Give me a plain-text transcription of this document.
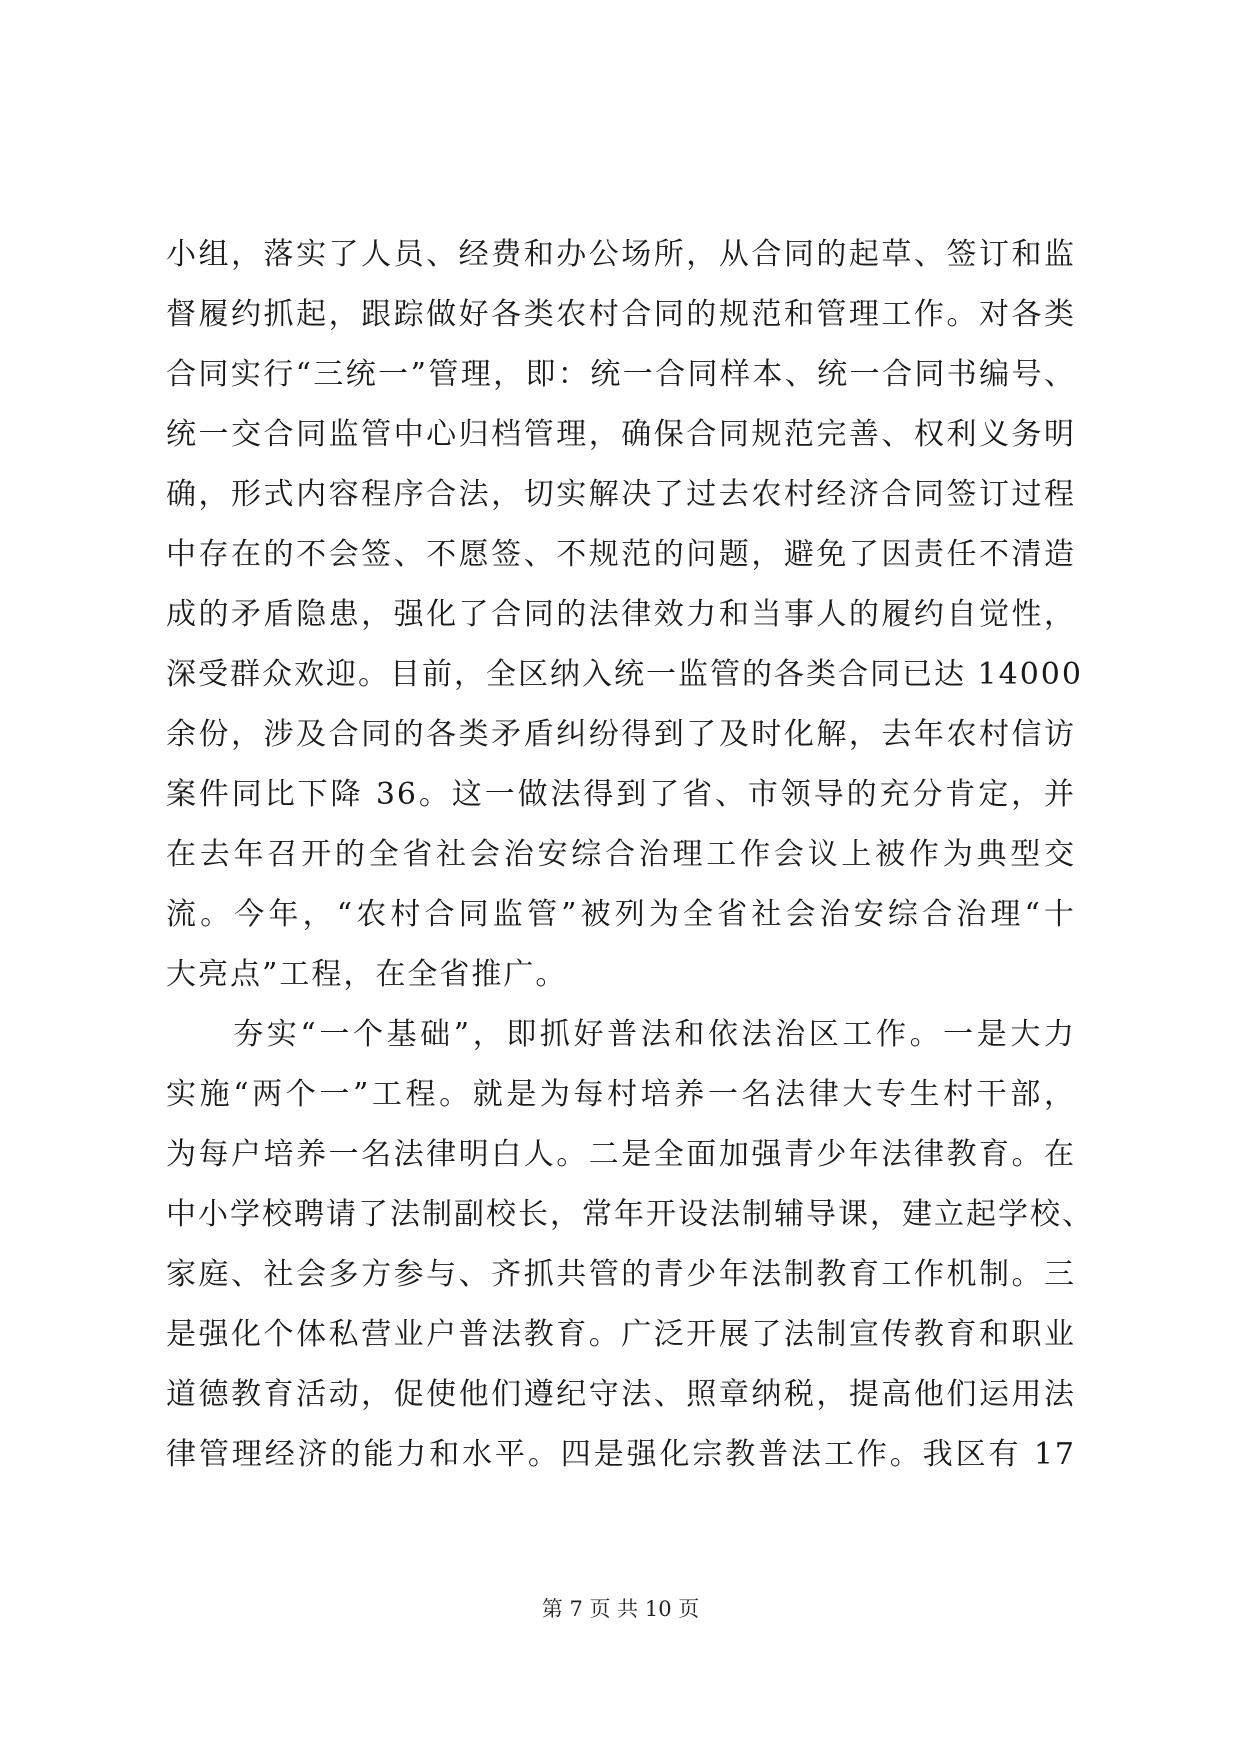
小组，落实了人员、经费和办公场所，从合同的起草、签订和监
督履约抓起，跟踪做好各类农村合同的规范和管理工作。对各类
合同实行“三统一”管理，即：统一合同样本、统一合同书编号、
统一交合同监管中心归档管理，确保合同规范完善、权利义务明
确，形式内容程序合法，切实解决了过去农村经济合同签订过程
中存在的不会签、不愿签、不规范的问题，避免了因责任不清造
成的矛盾隐患，强化了合同的法律效力和当事人的履约自觉性，
深受群众欢迎。目前，全区纳入统一监管的各类合同已达 14000
余份，涉及合同的各类矛盾纠纷得到了及时化解，去年农村信访
案件同比下降 36。这一做法得到了省、市领导的充分肯定，并
在去年召开的全省社会治安综合治理工作会议上被作为典型交
流。今年，“农村合同监管”被列为全省社会治安综合治理“十
大亮点”工程，在全省推广。
　　夯实“一个基础”，即抓好普法和依法治区工作。一是大力
实施“两个一”工程。就是为每村培养一名法律大专生村干部，
为每户培养一名法律明白人。二是全面加强青少年法律教育。在
中小学校聘请了法制副校长，常年开设法制辅导课，建立起学校、
家庭、社会多方参与、齐抓共管的青少年法制教育工作机制。三
是强化个体私营业户普法教育。广泛开展了法制宣传教育和职业
道德教育活动，促使他们遵纪守法、照章纳税，提高他们运用法
律管理经济的能力和水平。四是强化宗教普法工作。我区有 17
第 7 页 共 10 页
